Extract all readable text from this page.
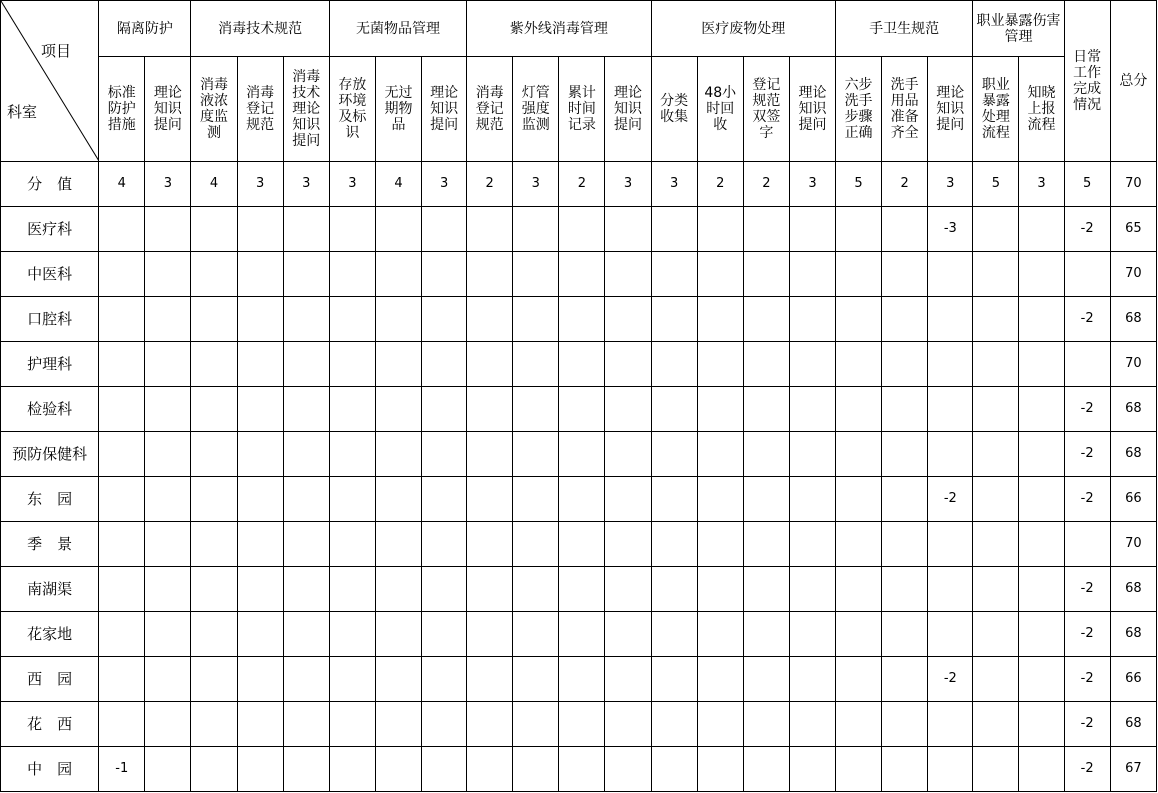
项目
科室	隔离防护		消毒技术规范			无菌物品管理			紫外线消毒管理				医疗废物处理				手卫生规范			职业暴露伤害管理		日常工作完成情况	总分
	标准防护措施	理论知识提问	消毒液浓度监测	消毒登记规范	消毒技术理论知识提问	存放环境及标识	无过期物品	理论知识提问	消毒登记规范	灯管强度监测	累计时间记录	理论知识提问	分类收集	48小时回收	登记规范双签字	理论知识提问	六步洗手步骤正确	洗手用品准备齐全	理论知识提问	职业暴露处理流程	知晓上报流程		
分　值	4	3	4	3	3	3	4	3	2	3	2	3	3	2	2	3	5	2	3	5	3	5	70
医疗科																			-3			-2	65
中医科																							70
口腔科																						-2	68
护理科																							70
检验科																						-2	68
预防保健科																						-2	68
东　园																			-2			-2	66
季　景																							70
南湖渠																						-2	68
花家地																						-2	68
西　园																			-2			-2	66
花　西																						-2	68
中　园	-1																					-2	67
